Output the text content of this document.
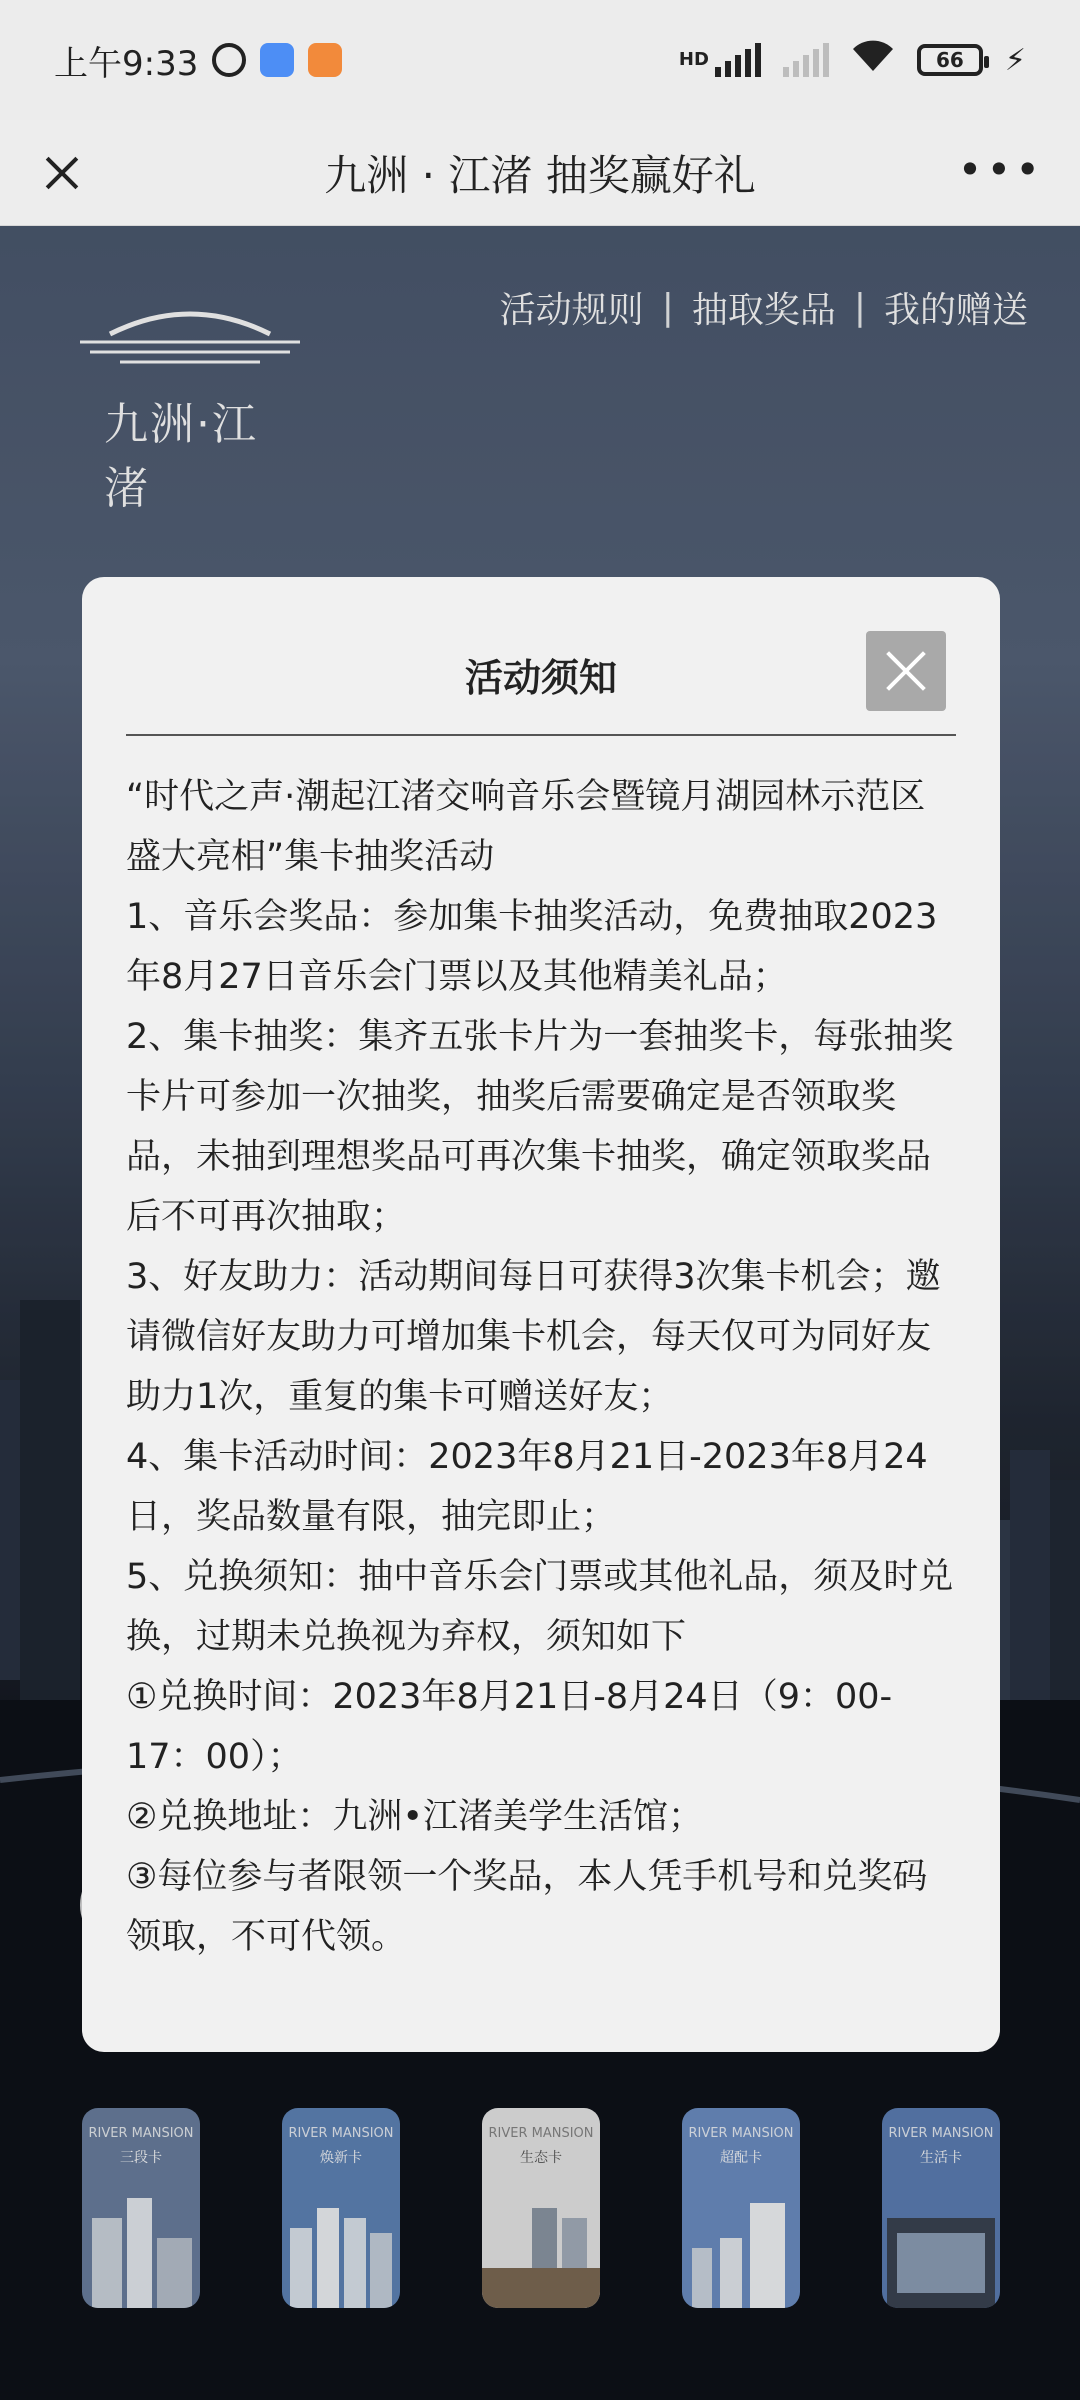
上午9:33	HD	66 ⚡
九洲 · 江渚 抽奖赢好礼	•••
九洲·江渚
活动规则 | 抽取奖品 | 我的赠送
RIVER MANSION
三段卡
RIVER MANSION
焕新卡
RIVER MANSION
生态卡
RIVER MANSION
超配卡
RIVER MANSION
生活卡
活动须知

“时代之声·潮起江渚交响音乐会暨镜月湖园林示范区盛大亮相”集卡抽奖活动

1、音乐会奖品：参加集卡抽奖活动，免费抽取2023年8月27日音乐会门票以及其他精美礼品；

2、集卡抽奖：集齐五张卡片为一套抽奖卡，每张抽奖卡片可参加一次抽奖，抽奖后需要确定是否领取奖品，未抽到理想奖品可再次集卡抽奖，确定领取奖品后不可再次抽取；

3、好友助力：活动期间每日可获得3次集卡机会；邀请微信好友助力可增加集卡机会，每天仅可为同好友助力1次，重复的集卡可赠送好友；

4、集卡活动时间：2023年8月21日-2023年8月24日，奖品数量有限，抽完即止；

5、兑换须知：抽中音乐会门票或其他礼品，须及时兑换，过期未兑换视为弃权，须知如下

①兑换时间：2023年8月21日-8月24日（9：00-17：00）；

②兑换地址：九洲•江渚美学生活馆；

③每位参与者限领一个奖品，本人凭手机号和兑奖码领取，不可代领。
